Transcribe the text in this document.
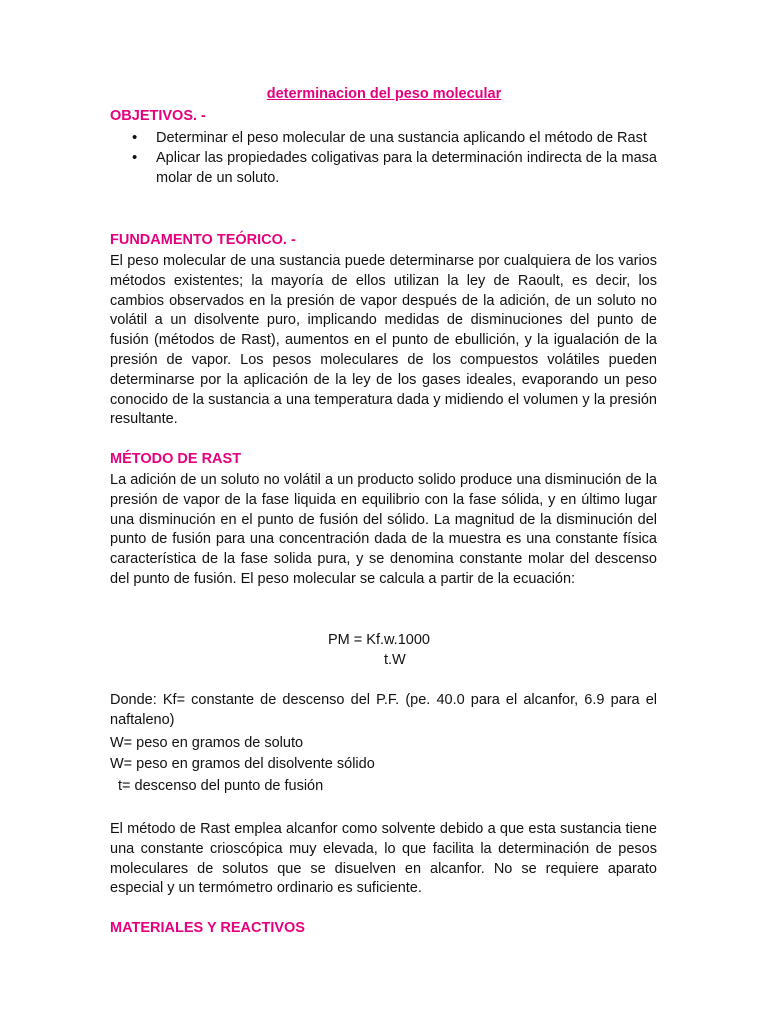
determinacion del peso molecular
OBJETIVOS. -
• Determinar el peso molecular de una sustancia aplicando el método de Rast
• Aplicar las propiedades coligativas para la determinación indirecta de la masa molar de un soluto.
FUNDAMENTO TEÓRICO. -

El peso molecular de una sustancia puede determinarse por cualquiera de los varios métodos existentes; la mayoría de ellos utilizan la ley de Raoult, es decir, los cambios observados en la presión de vapor después de la adición, de un soluto no volátil a un disolvente puro, implicando medidas de disminuciones del punto de fusión (métodos de Rast), aumentos en el punto de ebullición, y la igualación de la presión de vapor. Los pesos moleculares de los compuestos volátiles pueden determinarse por la aplicación de la ley de los gases ideales, evaporando un peso conocido de la sustancia a una temperatura dada y midiendo el volumen y la presión resultante.

MÉTODO DE RAST

La adición de un soluto no volátil a un producto solido produce una disminución de la presión de vapor de la fase liquida en equilibrio con la fase sólida, y en último lugar una disminución en el punto de fusión del sólido. La magnitud de la disminución del punto de fusión para una concentración dada de la muestra es una constante física característica de la fase solida pura, y se denomina constante molar del descenso del punto de fusión. El peso molecular se calcula a partir de la ecuación:

PM = Kf.w.1000
t.W

Donde: Kf= constante de descenso del P.F. (pe. 40.0 para el alcanfor, 6.9 para el naftaleno)

W= peso en gramos de soluto

W= peso en gramos del disolvente sólido

t= descenso del punto de fusión

El método de Rast emplea alcanfor como solvente debido a que esta sustancia tiene una constante crioscópica muy elevada, lo que facilita la determinación de pesos moleculares de solutos que se disuelven en alcanfor. No se requiere aparato especial y un termómetro ordinario es suficiente.

MATERIALES Y REACTIVOS
